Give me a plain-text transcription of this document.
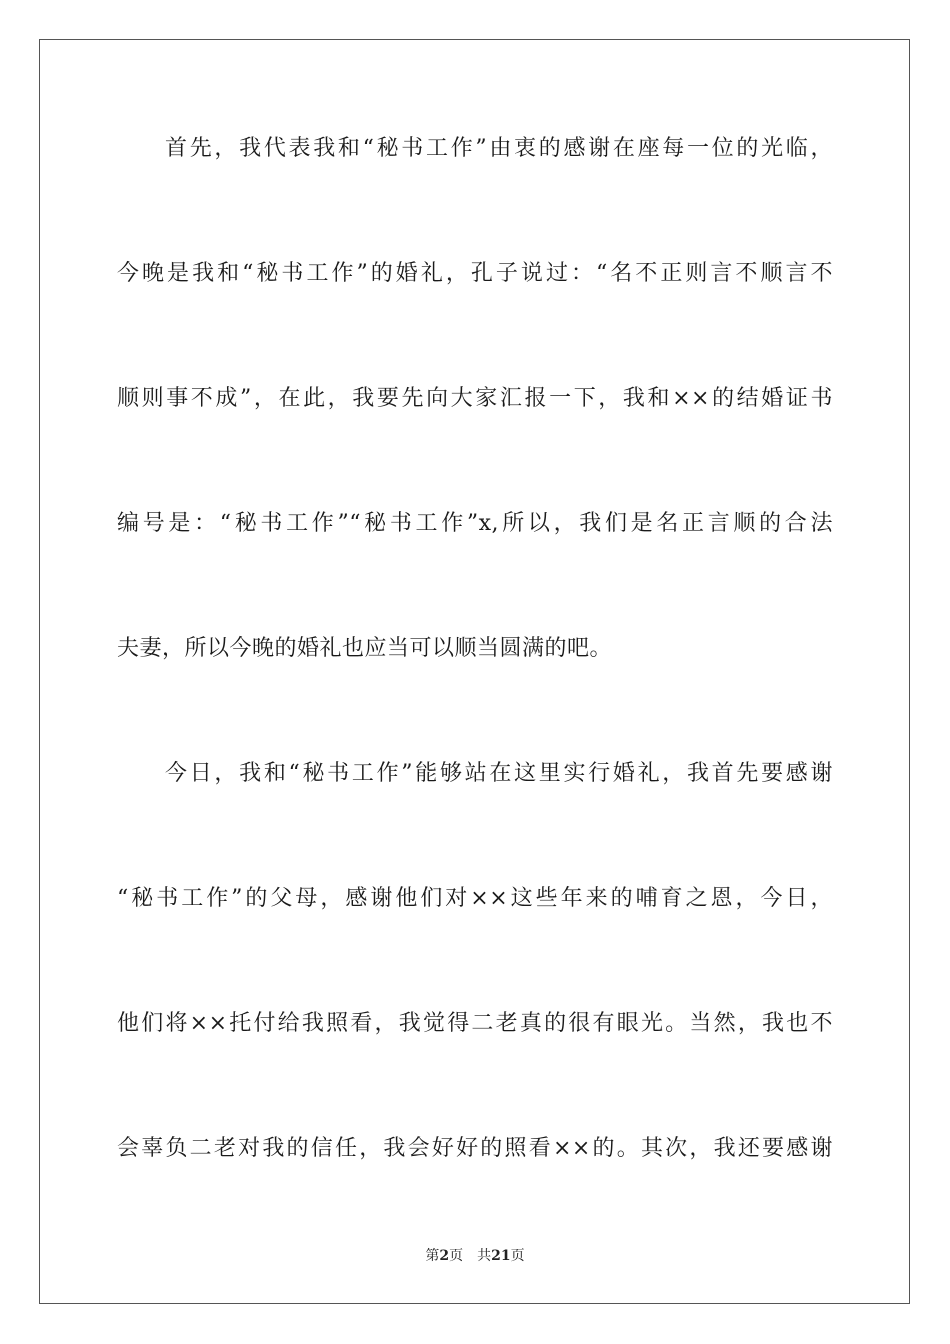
首先，我代表我和“秘书工作”由衷的感谢在座每一位的光临，
今晚是我和“秘书工作”的婚礼，孔子说过：“名不正则言不顺言不
顺则事不成”，在此，我要先向大家汇报一下，我和××的结婚证书
编号是：“秘书工作”“秘书工作”x,所以，我们是名正言顺的合法
夫妻，所以今晚的婚礼也应当可以顺当圆满的吧。
今日，我和“秘书工作”能够站在这里实行婚礼，我首先要感谢
“秘书工作”的父母，感谢他们对××这些年来的哺育之恩，今日，
他们将××托付给我照看，我觉得二老真的很有眼光。当然，我也不
会辜负二老对我的信任，我会好好的照看××的。其次，我还要感谢
第2页 共21页
